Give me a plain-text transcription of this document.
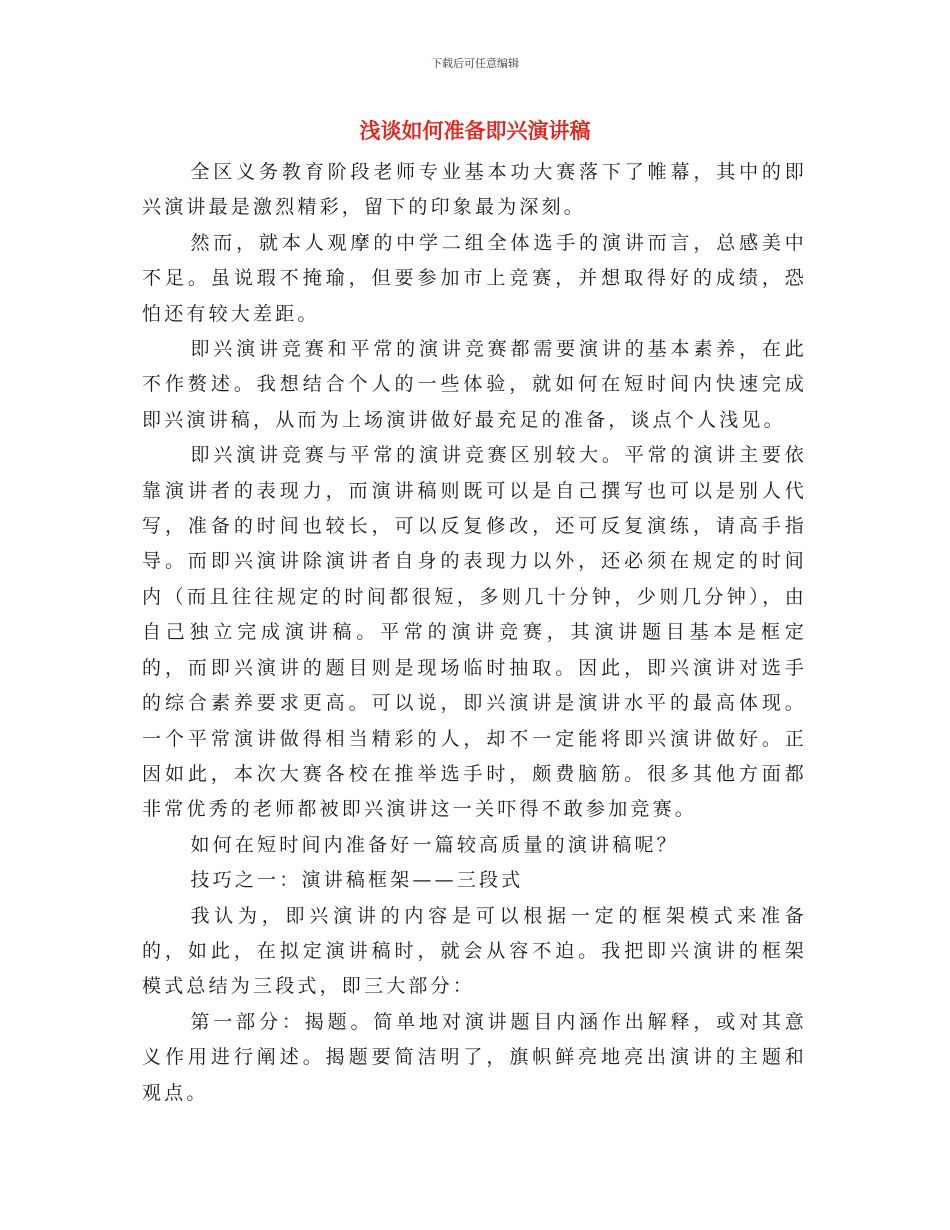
下载后可任意编辑
浅谈如何准备即兴演讲稿

全区义务教育阶段老师专业基本功大赛落下了帷幕，其中的即兴演讲最是激烈精彩，留下的印象最为深刻。

然而，就本人观摩的中学二组全体选手的演讲而言，总感美中不足。虽说瑕不掩瑜，但要参加市上竞赛，并想取得好的成绩，恐怕还有较大差距。

即兴演讲竞赛和平常的演讲竞赛都需要演讲的基本素养，在此不作赘述。我想结合个人的一些体验，就如何在短时间内快速完成即兴演讲稿，从而为上场演讲做好最充足的准备，谈点个人浅见。

即兴演讲竞赛与平常的演讲竞赛区别较大。平常的演讲主要依靠演讲者的表现力，而演讲稿则既可以是自己撰写也可以是别人代 写，准备的时间也较长，可以反复修改，还可反复演练，请高手指导。而即兴演讲除演讲者自身的表现力以外，还必须在规定的时间内（而且往往规定的时间都很短，多则几十分钟，少则几分钟），由自己独立完成演讲稿。平常的演讲竞赛，其演讲题目基本是框定的，而即兴演讲的题目则是现场临时抽取。因此，即兴演讲对选手的综合素养要求更高。可以说，即兴演讲是演讲水平的最高体现。一个平常演讲做得相当精彩的人，却不一定能将即兴演讲做好。正因如此，本次大赛各校在推举选手时，颇费脑筋。很多其他方面都非常优秀的老师都被即兴演讲这一关吓得不敢参加竞赛。

如何在短时间内准备好一篇较高质量的演讲稿呢？

技巧之一：演讲稿框架——三段式

我认为，即兴演讲的内容是可以根据一定的框架模式来准备的，如此，在拟定演讲稿时，就会从容不迫。我把即兴演讲的框架模式总结为三段式，即三大部分：

第一部分：揭题。简单地对演讲题目内涵作出解释，或对其意义作用进行阐述。揭题要简洁明了，旗帜鲜亮地亮出演讲的主题和观点。
